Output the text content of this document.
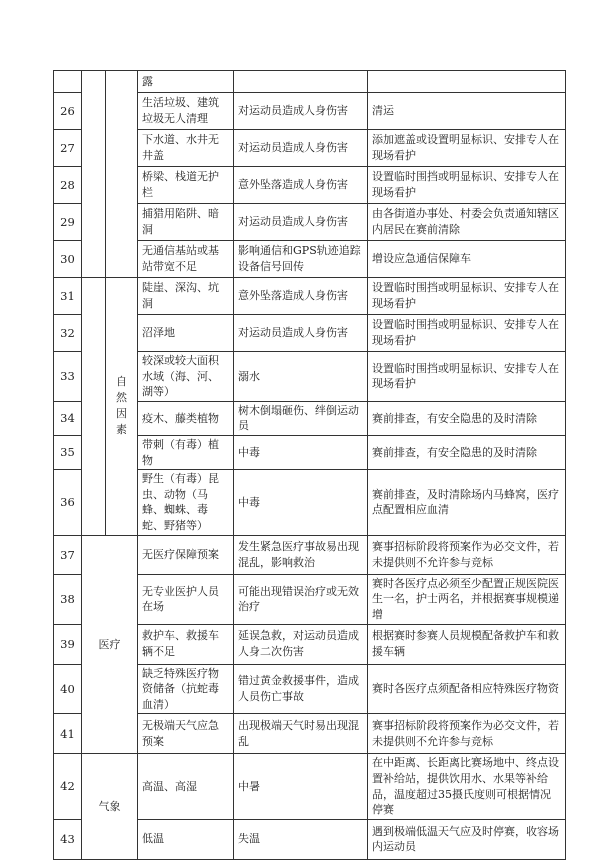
			露		
26			生活垃圾、建筑垃圾无人清理	对运动员造成人身伤害	清运
27			下水道、水井无井盖	对运动员造成人身伤害	添加遮盖或设置明显标识、安排专人在现场看护
28			桥梁、栈道无护栏	意外坠落造成人身伤害	设置临时围挡或明显标识、安排专人在现场看护
29			捕猎用陷阱、暗洞	对运动员造成人身伤害	由各街道办事处、村委会负责通知辖区内居民在赛前清除
30			无通信基站或基站带宽不足	影响通信和GPS轨迹追踪设备信号回传	增设应急通信保障车
31		自然因素	陡崖、深沟、坑洞	意外坠落造成人身伤害	设置临时围挡或明显标识、安排专人在现场看护
32			沼泽地	对运动员造成人身伤害	设置临时围挡或明显标识、安排专人在现场看护
33			较深或较大面积水域（海、河、湖等）	溺水	设置临时围挡或明显标识、安排专人在现场看护
34			疫木、藤类植物	树木倒塌砸伤、绊倒运动员	赛前排查，有安全隐患的及时清除
35			带刺（有毒）植物	中毒	赛前排查，有安全隐患的及时清除
36			野生（有毒）昆虫、动物（马蜂、蜘蛛、毒蛇、野猪等）	中毒	赛前排查，及时清除场内马蜂窝，医疗点配置相应血清
37	医疗		无医疗保障预案	发生紧急医疗事故易出现混乱，影响救治	赛事招标阶段将预案作为必交文件，若未提供则不允许参与竞标
38			无专业医护人员在场	可能出现错误治疗或无效治疗	赛时各医疗点必须至少配置正规医院医生一名，护士两名，并根据赛事规模递增
39			救护车、救援车辆不足	延误急救，对运动员造成人身二次伤害	根据赛时参赛人员规模配备救护车和救援车辆
40			缺乏特殊医疗物资储备（抗蛇毒血清）	错过黄金救援事件，造成人员伤亡事故	赛时各医疗点须配备相应特殊医疗物资
41			无极端天气应急预案	出现极端天气时易出现混乱	赛事招标阶段将预案作为必交文件，若未提供则不允许参与竞标
42	气象		高温、高湿	中暑	在中距离、长距离比赛场地中、终点设置补给站，提供饮用水、水果等补给品，温度超过35摄氏度则可根据情况停赛
43			低温	失温	遇到极端低温天气应及时停赛，收容场内运动员
